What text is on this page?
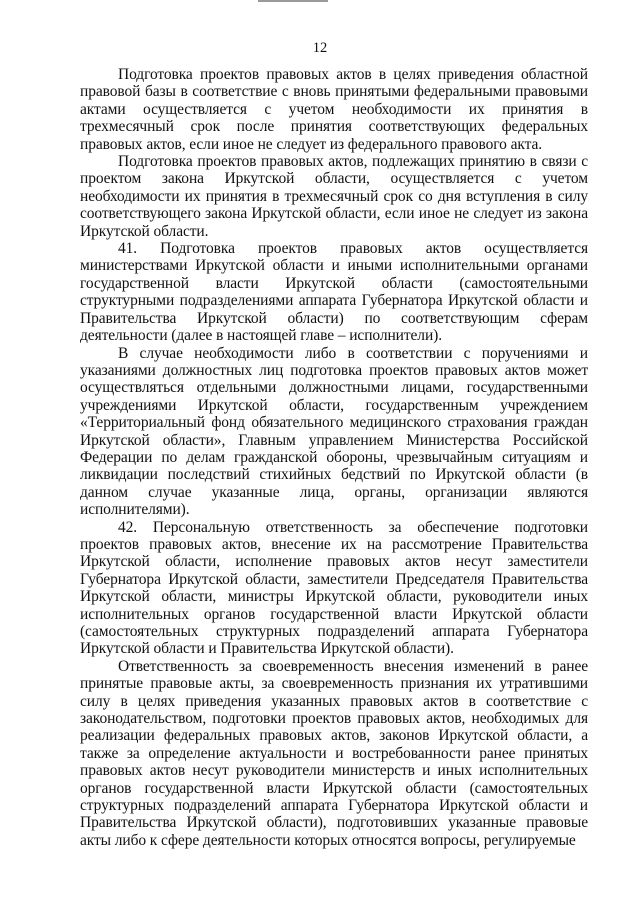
12

Подготовка проектов правовых актов в целях приведения областной правовой базы в соответствие с вновь принятыми федеральными правовыми актами осуществляется с учетом необходимости их принятия в трехмесячный срок после принятия соответствующих федеральных правовых актов, если иное не следует из федерального правового акта.

Подготовка проектов правовых актов, подлежащих принятию в связи с проектом закона Иркутской области, осуществляется с учетом необходимости их принятия в трехмесячный срок со дня вступления в силу соответствующего закона Иркутской области, если иное не следует из закона Иркутской области.

41. Подготовка проектов правовых актов осуществляется министерствами Иркутской области и иными исполнительными органами государственной власти Иркутской области (самостоятельными структурными подразделениями аппарата Губернатора Иркутской области и Правительства Иркутской области) по соответствующим сферам деятельности (далее в настоящей главе – исполнители).

В случае необходимости либо в соответствии с поручениями и указаниями должностных лиц подготовка проектов правовых актов может осуществляться отдельными должностными лицами, государственными учреждениями Иркутской области, государственным учреждением «Территориальный фонд обязательного медицинского страхования граждан Иркутской области», Главным управлением Министерства Российской Федерации по делам гражданской обороны, чрезвычайным ситуациям и ликвидации последствий стихийных бедствий по Иркутской области (в данном случае указанные лица, органы, организации являются исполнителями).

42. Персональную ответственность за обеспечение подготовки проектов правовых актов, внесение их на рассмотрение Правительства Иркутской области, исполнение правовых актов несут заместители Губернатора Иркутской области, заместители Председателя Правительства Иркутской области, министры Иркутской области, руководители иных исполнительных органов государственной власти Иркутской области (самостоятельных структурных подразделений аппарата Губернатора Иркутской области и Правительства Иркутской области).

Ответственность за своевременность внесения изменений в ранее принятые правовые акты, за своевременность признания их утратившими силу в целях приведения указанных правовых актов в соответствие с законодательством, подготовки проектов правовых актов, необходимых для реализации федеральных правовых актов, законов Иркутской области, а также за определение актуальности и востребованности ранее принятых правовых актов несут руководители министерств и иных исполнительных органов государственной власти Иркутской области (самостоятельных структурных подразделений аппарата Губернатора Иркутской области и Правительства Иркутской области), подготовивших указанные правовые акты либо к сфере деятельности которых относятся вопросы, регулируемые
